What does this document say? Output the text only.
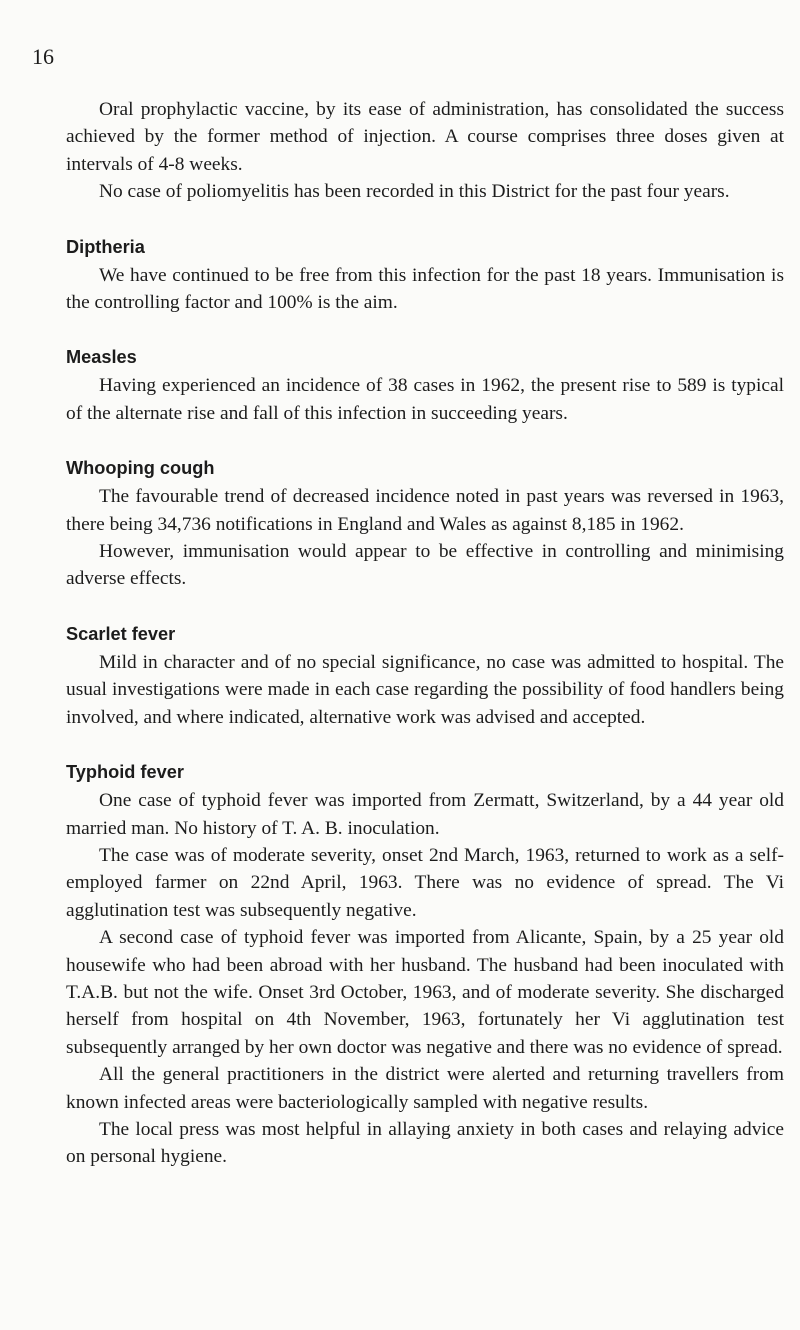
16

Oral prophylactic vaccine, by its ease of administration, has consolidated the success achieved by the former method of injection. A course comprises three doses given at intervals of 4-8 weeks.

No case of poliomyelitis has been recorded in this District for the past four years.

Diptheria

We have continued to be free from this infection for the past 18 years. Immunisation is the controlling factor and 100% is the aim.

Measles

Having experienced an incidence of 38 cases in 1962, the present rise to 589 is typical of the alternate rise and fall of this infection in succeeding years.

Whooping cough

The favourable trend of decreased incidence noted in past years was reversed in 1963, there being 34,736 notifications in England and Wales as against 8,185 in 1962.

However, immunisation would appear to be effective in controlling and minimising adverse effects.

Scarlet fever

Mild in character and of no special significance, no case was admitted to hospital. The usual investigations were made in each case regarding the possibility of food handlers being involved, and where indicated, alternative work was advised and accepted.

Typhoid fever

One case of typhoid fever was imported from Zermatt, Switzerland, by a 44 year old married man. No history of T. A. B. inoculation.

The case was of moderate severity, onset 2nd March, 1963, returned to work as a self-employed farmer on 22nd April, 1963. There was no evidence of spread. The Vi agglutination test was subsequently negative.

A second case of typhoid fever was imported from Alicante, Spain, by a 25 year old housewife who had been abroad with her husband. The husband had been inoculated with T.A.B. but not the wife. Onset 3rd October, 1963, and of moderate severity. She discharged herself from hospital on 4th November, 1963, fortunately her Vi agglutination test subsequently arranged by her own doctor was negative and there was no evidence of spread.

All the general practitioners in the district were alerted and returning travellers from known infected areas were bacteriologically sampled with negative results.

The local press was most helpful in allaying anxiety in both cases and relaying advice on personal hygiene.
